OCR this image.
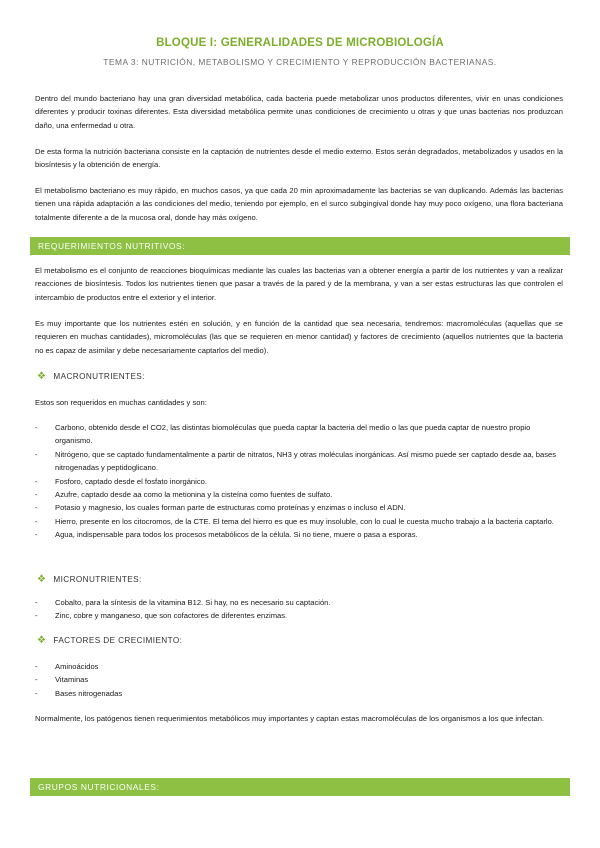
BLOQUE I: GENERALIDADES DE MICROBIOLOGÍA
TEMA 3: NUTRICIÓN, METABOLISMO Y CRECIMIENTO Y REPRODUCCIÓN BACTERIANAS.

Dentro del mundo bacteriano hay una gran diversidad metabólica, cada bacteria puede metabolizar unos productos diferentes, vivir en unas condiciones diferentes y producir toxinas diferentes. Esta diversidad metabólica permite unas condiciones de crecimiento u otras y que unas bacterias nos produzcan daño, una enfermedad u otra.

De esta forma la nutrición bacteriana consiste en la captación de nutrientes desde el medio externo. Estos serán degradados, metabolizados y usados en la biosíntesis y la obtención de energía.

El metabolismo bacteriano es muy rápido, en muchos casos, ya que cada 20 min aproximadamente las bacterias se van duplicando. Además las bacterias tienen una rápida adaptación a las condiciones del medio, teniendo por ejemplo, en el surco subgingival donde hay muy poco oxígeno, una flora bacteriana totalmente diferente a de la mucosa oral, donde hay más oxígeno.

REQUERIMIENTOS NUTRITIVOS:

El metabolismo es el conjunto de reacciones bioquímicas mediante las cuales las bacterias van a obtener energía a partir de los nutrientes y van a realizar reacciones de biosíntesis. Todos los nutrientes tienen que pasar a través de la pared y de la membrana, y van a ser estas estructuras las que controlen el intercambio de productos entre el exterior y el interior.

Es muy importante que los nutrientes estén en solución, y en función de la cantidad que sea necesaria, tendremos: macromoléculas (aquellas que se requieren en muchas cantidades), micromoléculas (las que se requieren en menor cantidad) y factores de crecimiento (aquellos nutrientes que la bacteria no es capaz de asimilar y debe necesariamente captarlos del medio).

❖ MACRONUTRIENTES:

Estos son requeridos en muchas cantidades y son:

- Carbono, obtenido desde el CO2, las distintas biomoléculas que pueda captar la bacteria del medio o las que pueda captar de nuestro propio organismo.
- Nitrógeno, que se captado fundamentalmente a partir de nitratos, NH3 y otras moléculas inorgánicas. Así mismo puede ser captado desde aa, bases nitrogenadas y peptidoglicano.
- Fosforo, captado desde el fosfato inorgánico.
- Azufre, captado desde aa como la metionina y la cisteína como fuentes de sulfato.
- Potasio y magnesio, los cuales forman parte de estructuras como proteínas y enzimas o incluso el ADN.
- Hierro, presente en los citocromos, de la CTE. El tema del hierro es que es muy insoluble, con lo cual le cuesta mucho trabajo a la bacteria captarlo.
- Agua, indispensable para todos los procesos metabólicos de la célula. Si no tiene, muere o pasa a esporas.
❖ MICRONUTRIENTES:
- Cobalto, para la síntesis de la vitamina B12. Si hay, no es necesario su captación.
- Zinc, cobre y manganeso, que son cofactores de diferentes enzimas.
❖ FACTORES DE CRECIMIENTO:
- Aminoácidos
- Vitaminas
- Bases nitrogenadas

Normalmente, los patógenos tienen requerimientos metabólicos muy importantes y captan estas macromoléculas de los organismos a los que infectan.

GRUPOS NUTRICIONALES:
